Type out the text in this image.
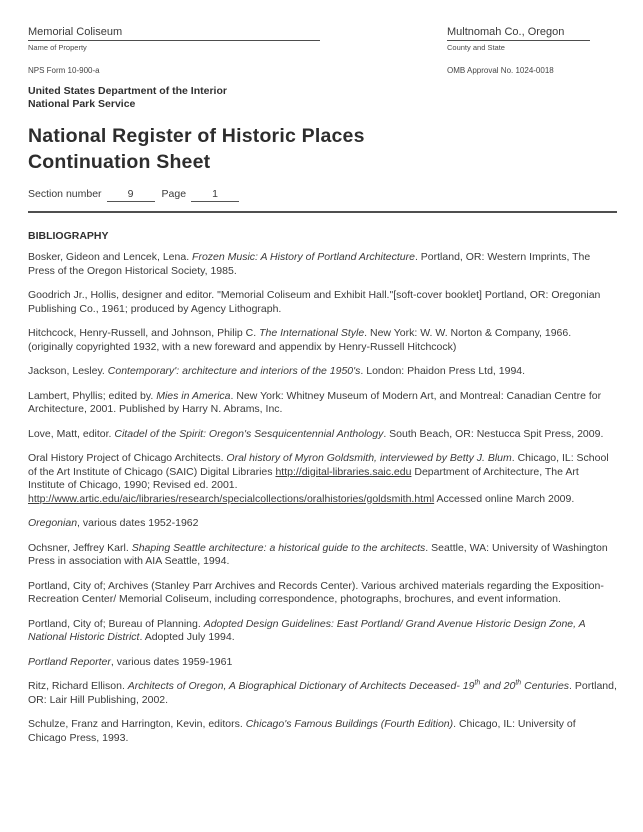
Memorial Coliseum
Name of Property
Multnomah Co., Oregon
County and State
NPS Form 10-900-a	OMB Approval No. 1024-0018
United States Department of the Interior
National Park Service
National Register of Historic Places
Continuation Sheet
Section number 9	Page 1
BIBLIOGRAPHY

Bosker, Gideon and Lencek, Lena. Frozen Music: A History of Portland Architecture. Portland, OR: Western Imprints, The Press of the Oregon Historical Society, 1985.

Goodrich Jr., Hollis, designer and editor. "Memorial Coliseum and Exhibit Hall."[soft-cover booklet] Portland, OR: Oregonian Publishing Co., 1961; produced by Agency Lithograph.

Hitchcock, Henry-Russell, and Johnson, Philip C. The International Style. New York: W. W. Norton & Company, 1966. (originally copyrighted 1932, with a new foreward and appendix by Henry-Russell Hitchcock)

Jackson, Lesley. Contemporary': architecture and interiors of the 1950's. London: Phaidon Press Ltd, 1994.

Lambert, Phyllis; edited by. Mies in America. New York: Whitney Museum of Modern Art, and Montreal: Canadian Centre for Architecture, 2001. Published by Harry N. Abrams, Inc.

Love, Matt, editor. Citadel of the Spirit: Oregon's Sesquicentennial Anthology. South Beach, OR: Nestucca Spit Press, 2009.

Oral History Project of Chicago Architects. Oral history of Myron Goldsmith, interviewed by Betty J. Blum. Chicago, IL: School of the Art Institute of Chicago (SAIC) Digital Libraries http://digital-libraries.saic.edu Department of Architecture, The Art Institute of Chicago, 1990; Revised ed. 2001. http://www.artic.edu/aic/libraries/research/specialcollections/oralhistories/goldsmith.html Accessed online March 2009.

Oregonian, various dates 1952-1962

Ochsner, Jeffrey Karl. Shaping Seattle architecture: a historical guide to the architects. Seattle, WA: University of Washington Press in association with AIA Seattle, 1994.

Portland, City of; Archives (Stanley Parr Archives and Records Center). Various archived materials regarding the Exposition-Recreation Center/ Memorial Coliseum, including correspondence, photographs, brochures, and event information.

Portland, City of; Bureau of Planning. Adopted Design Guidelines: East Portland/ Grand Avenue Historic Design Zone, A National Historic District. Adopted July 1994.

Portland Reporter, various dates 1959-1961

Ritz, Richard Ellison. Architects of Oregon, A Biographical Dictionary of Architects Deceased- 19th and 20th Centuries. Portland, OR: Lair Hill Publishing, 2002.

Schulze, Franz and Harrington, Kevin, editors. Chicago's Famous Buildings (Fourth Edition). Chicago, IL: University of Chicago Press, 1993.
